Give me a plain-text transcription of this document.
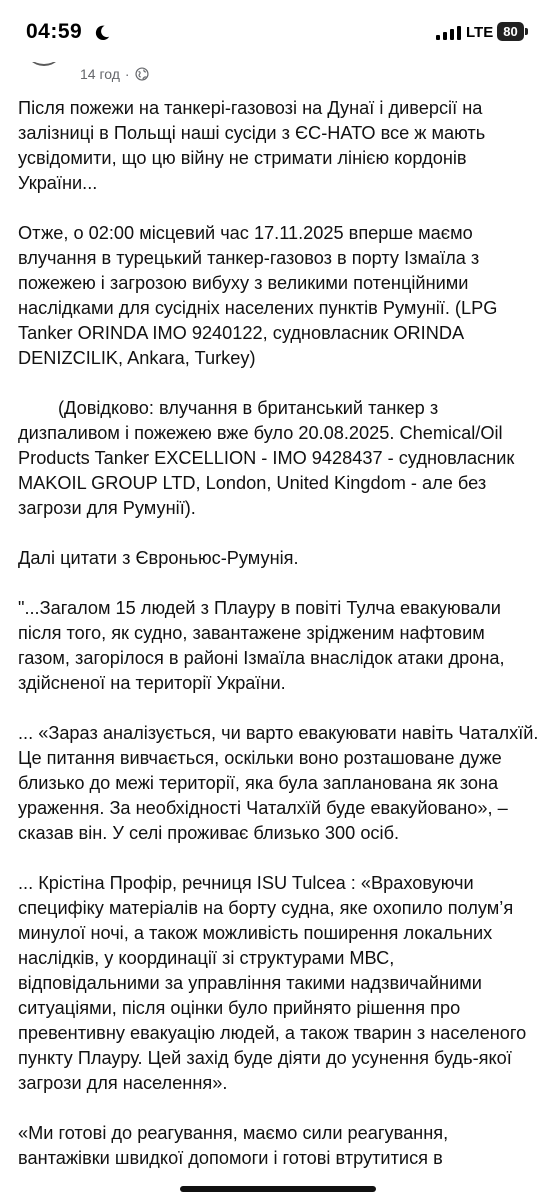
04:59	LTE 80
14 год ·

Після пожежи на танкері-газовозі на Дунаї і диверсії на залізниці в Польщі наші сусіди з ЄС-НАТО все ж мають усвідомити, що цю війну не стримати лінією кордонів України...

Отже, о 02:00 місцевий час 17.11.2025 вперше маємо влучання в турецький танкер-газовоз в порту Ізмаїла з пожежею і загрозою вибуху з великими потенційними наслідками для сусідніх населених пунктів Румунії. (LPG Tanker ORINDA IMO 9240122, судновласник ORINDA DENIZCILIK, Ankara, Turkey)

(Довідково: влучання в британський танкер з дизпаливом і пожежею вже було 20.08.2025. Chemical/Oil Products Tanker EXCELLION - IMO 9428437 - судновласник MAKOIL GROUP LTD, London, United Kingdom - але без загрози для Румунії).

Далі цитати з Євроньюс-Румунія.

"...Загалом 15 людей з Плауру в повіті Тулча евакуювали після того, як судно, завантажене зрідженим нафтовим газом, загорілося в районі Ізмаїла внаслідок атаки дрона, здійсненої на території України.

... «Зараз аналізується, чи варто евакуювати навіть Чаталхїй. Це питання вивчається, оскільки воно розташоване дуже близько до межі території, яка була запланована як зона ураження. За необхідності Чаталхїй буде евакуйовано», – сказав він. У селі проживає близько 300 осіб.

... Крістіна Профір, речниця ISU Tulcea : «Враховуючи специфіку матеріалів на борту судна, яке охопило полум’я минулої ночі, а також можливість поширення локальних наслідків, у координації зі структурами МВС, відповідальними за управління такими надзвичайними ситуаціями, після оцінки було прийнято рішення про превентивну евакуацію людей, а також тварин з населеного пункту Плауру. Цей захід буде діяти до усунення будь-якої загрози для населення».

«Ми готові до реагування, маємо сили реагування, вантажівки швидкої допомоги і готові втрутитися в
